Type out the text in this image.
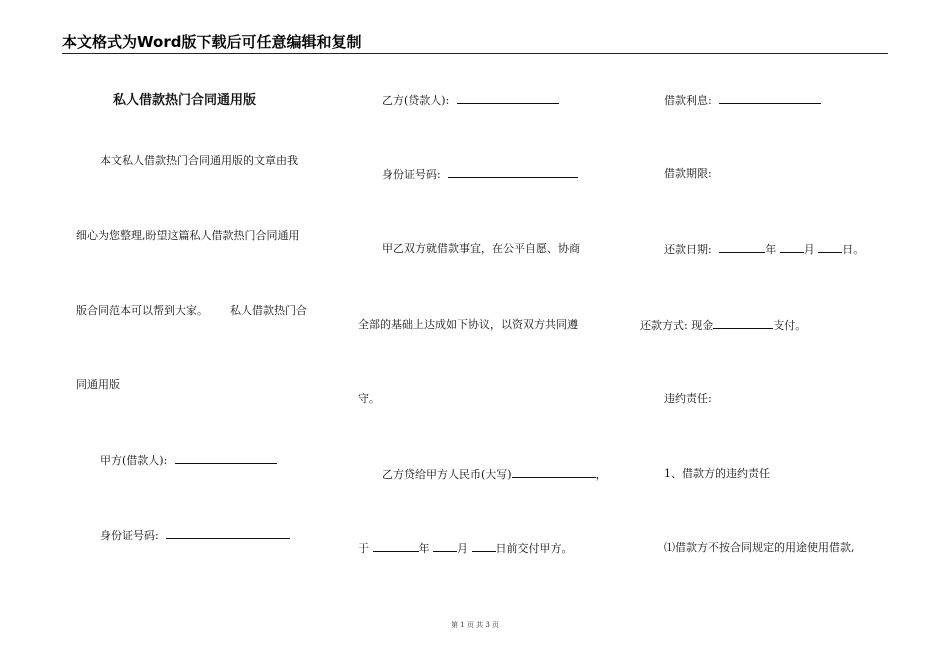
本文格式为Word版下载后可任意编辑和复制
私人借款热门合同通用版
本文私人借款热门合同通用版的文章由我
细心为您整理,盼望这篇私人借款热门合同通用
版合同范本可以帮到大家。 私人借款热门合
同通用版
甲方(借款人):
身份证号码:
乙方(贷款人):
身份证号码:
甲乙双方就借款事宜，在公平自愿、协商
全部的基础上达成如下协议，以资双方共同遵
守。
乙方贷给甲方人民币(大写)	，
于	年	月	日前交付甲方。
借款利息:
借款期限:
还款日期:	年	月	日。
还款方式: 现金	支付。
违约责任:
1、借款方的违约责任
⑴借款方不按合同规定的用途使用借款,
第 1 页 共 3 页
